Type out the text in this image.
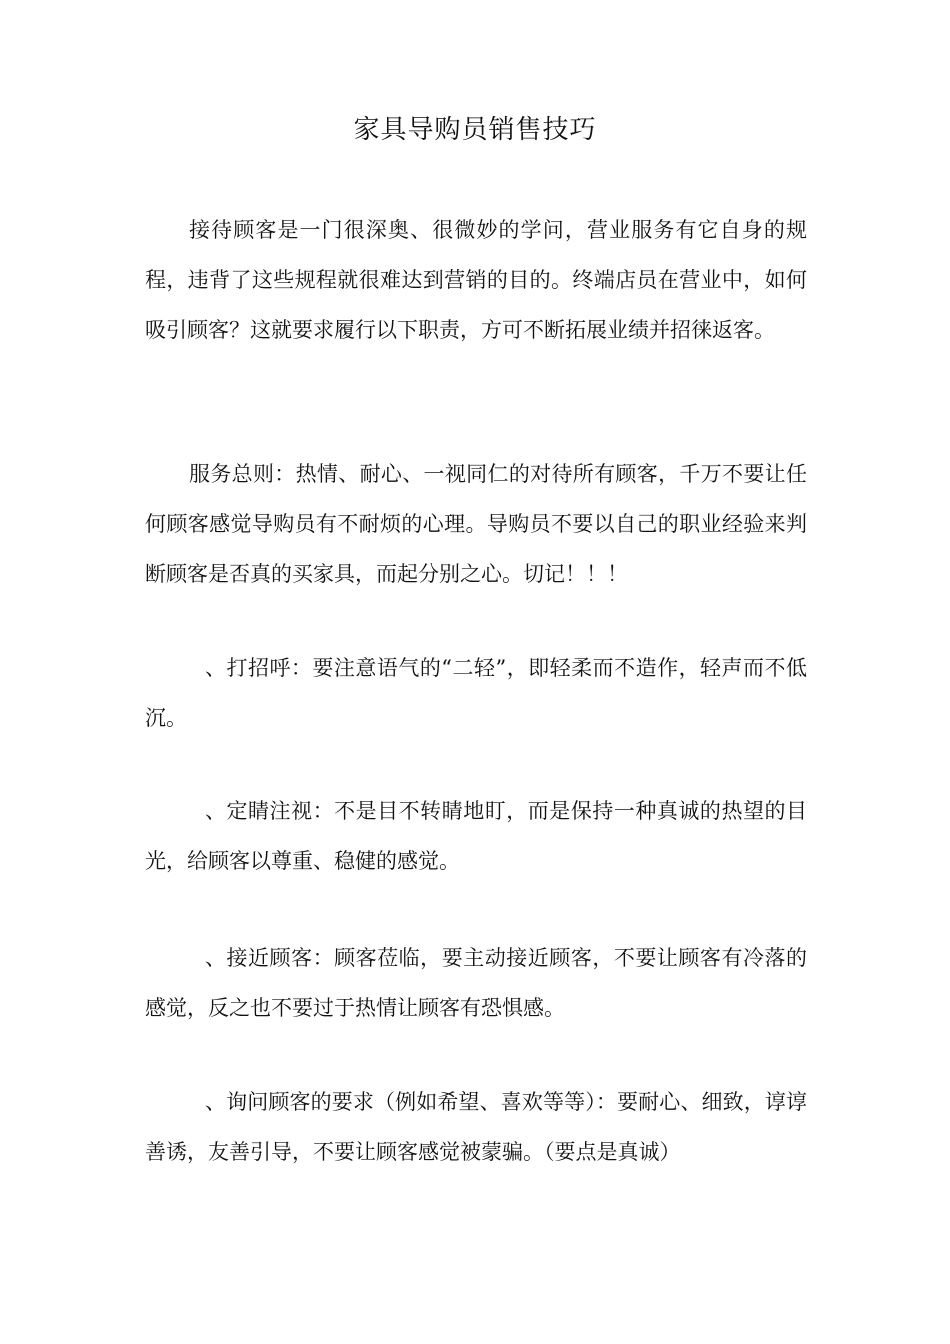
家具导购员销售技巧

接待顾客是一门很深奥、很微妙的学问，营业服务有它自身的规程，违背了这些规程就很难达到营销的目的。终端店员在营业中，如何吸引顾客？这就要求履行以下职责，方可不断拓展业绩并招徕返客。

服务总则：热情、耐心、一视同仁的对待所有顾客，千万不要让任何顾客感觉导购员有不耐烦的心理。导购员不要以自己的职业经验来判断顾客是否真的买家具，而起分别之心。切记！！！

、打招呼：要注意语气的“二轻”，即轻柔而不造作，轻声而不低沉。

、定睛注视：不是目不转睛地盯，而是保持一种真诚的热望的目光，给顾客以尊重、稳健的感觉。

、接近顾客：顾客莅临，要主动接近顾客，不要让顾客有冷落的感觉，反之也不要过于热情让顾客有恐惧感。

、询问顾客的要求（例如希望、喜欢等等）：要耐心、细致，谆谆善诱，友善引导，不要让顾客感觉被蒙骗。（要点是真诚）
